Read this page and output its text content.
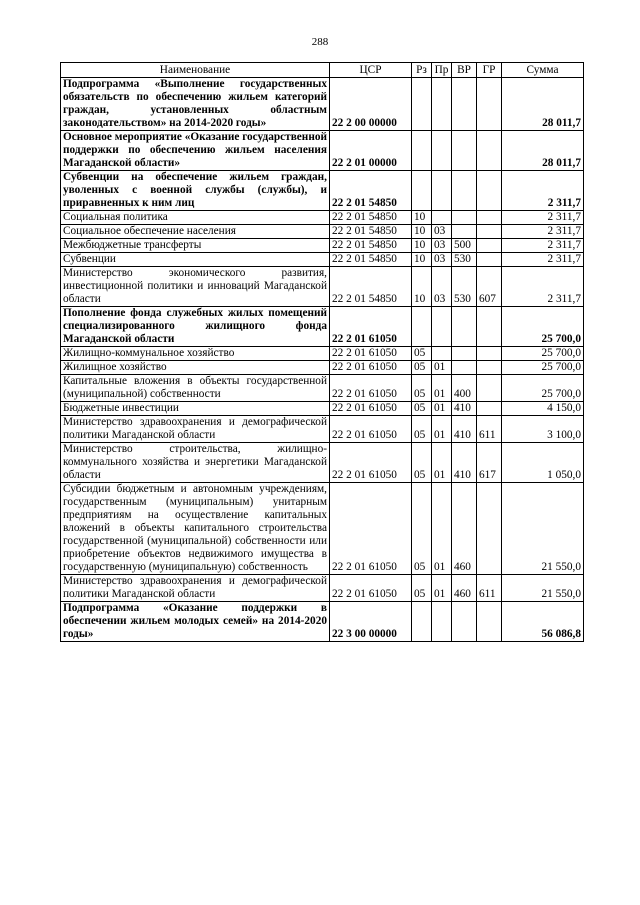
288
Наименование	ЦСР	Рз	Пр	ВР	ГР	Сумма
Подпрограмма «Выполнение государственных обязательств по обеспечению жильем категорий граждан, установленных областным законодательством» на 2014-2020 годы»	22 2 00 00000					28 011,7
Основное мероприятие «Оказание государственной поддержки по обеспечению жильем населения Магаданской области»	22 2 01 00000					28 011,7
Субвенции на обеспечение жильем граждан, уволенных с военной службы (службы), и приравненных к ним лиц	22 2 01 54850					2 311,7
Социальная политика	22 2 01 54850	10				2 311,7
Социальное обеспечение населения	22 2 01 54850	10	03			2 311,7
Межбюджетные трансферты	22 2 01 54850	10	03	500		2 311,7
Субвенции	22 2 01 54850	10	03	530		2 311,7
Министерство экономического развития, инвестиционной политики и инноваций Магаданской области	22 2 01 54850	10	03	530	607	2 311,7
Пополнение фонда служебных жилых помещений специализированного жилищного фонда Магаданской области	22 2 01 61050					25 700,0
Жилищно-коммунальное хозяйство	22 2 01 61050	05				25 700,0
Жилищное хозяйство	22 2 01 61050	05	01			25 700,0
Капитальные вложения в объекты государственной (муниципальной) собственности	22 2 01 61050	05	01	400		25 700,0
Бюджетные инвестиции	22 2 01 61050	05	01	410		4 150,0
Министерство здравоохранения и демографической политики Магаданской области	22 2 01 61050	05	01	410	611	3 100,0
Министерство строительства, жилищно-коммунального хозяйства и энергетики Магаданской области	22 2 01 61050	05	01	410	617	1 050,0
Субсидии бюджетным и автономным учреждениям, государственным (муниципальным) унитарным предприятиям на осуществление капитальных вложений в объекты капитального строительства государственной (муниципальной) собственности или приобретение объектов недвижимого имущества в государственную (муниципальную) собственность	22 2 01 61050	05	01	460		21 550,0
Министерство здравоохранения и демографической политики Магаданской области	22 2 01 61050	05	01	460	611	21 550,0
Подпрограмма «Оказание поддержки в обеспечении жильем молодых семей» на 2014-2020 годы»	22 3 00 00000					56 086,8
